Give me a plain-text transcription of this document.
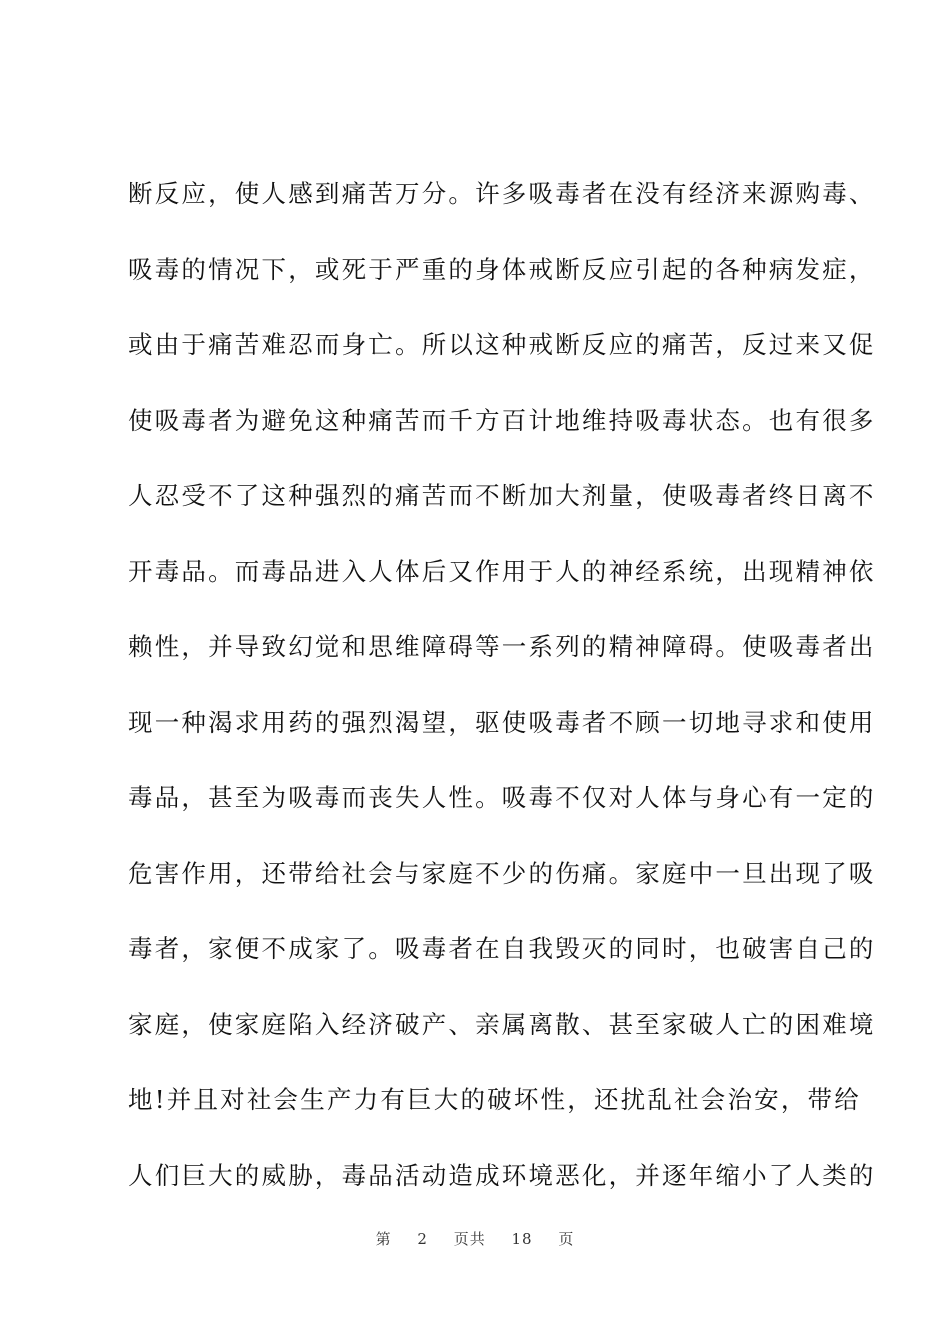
断反应，使人感到痛苦万分。许多吸毒者在没有经济来源购毒、
吸毒的情况下，或死于严重的身体戒断反应引起的各种病发症，
或由于痛苦难忍而身亡。所以这种戒断反应的痛苦，反过来又促
使吸毒者为避免这种痛苦而千方百计地维持吸毒状态。也有很多
人忍受不了这种强烈的痛苦而不断加大剂量，使吸毒者终日离不
开毒品。而毒品进入人体后又作用于人的神经系统，出现精神依
赖性，并导致幻觉和思维障碍等一系列的精神障碍。使吸毒者出
现一种渴求用药的强烈渴望，驱使吸毒者不顾一切地寻求和使用
毒品，甚至为吸毒而丧失人性。吸毒不仅对人体与身心有一定的
危害作用，还带给社会与家庭不少的伤痛。家庭中一旦出现了吸
毒者，家便不成家了。吸毒者在自我毁灭的同时，也破害自己的
家庭，使家庭陷入经济破产、亲属离散、甚至家破人亡的困难境
地!并且对社会生产力有巨大的破坏性，还扰乱社会治安，带给
人们巨大的威胁，毒品活动造成环境恶化，并逐年缩小了人类的
第 2 页共 18 页
